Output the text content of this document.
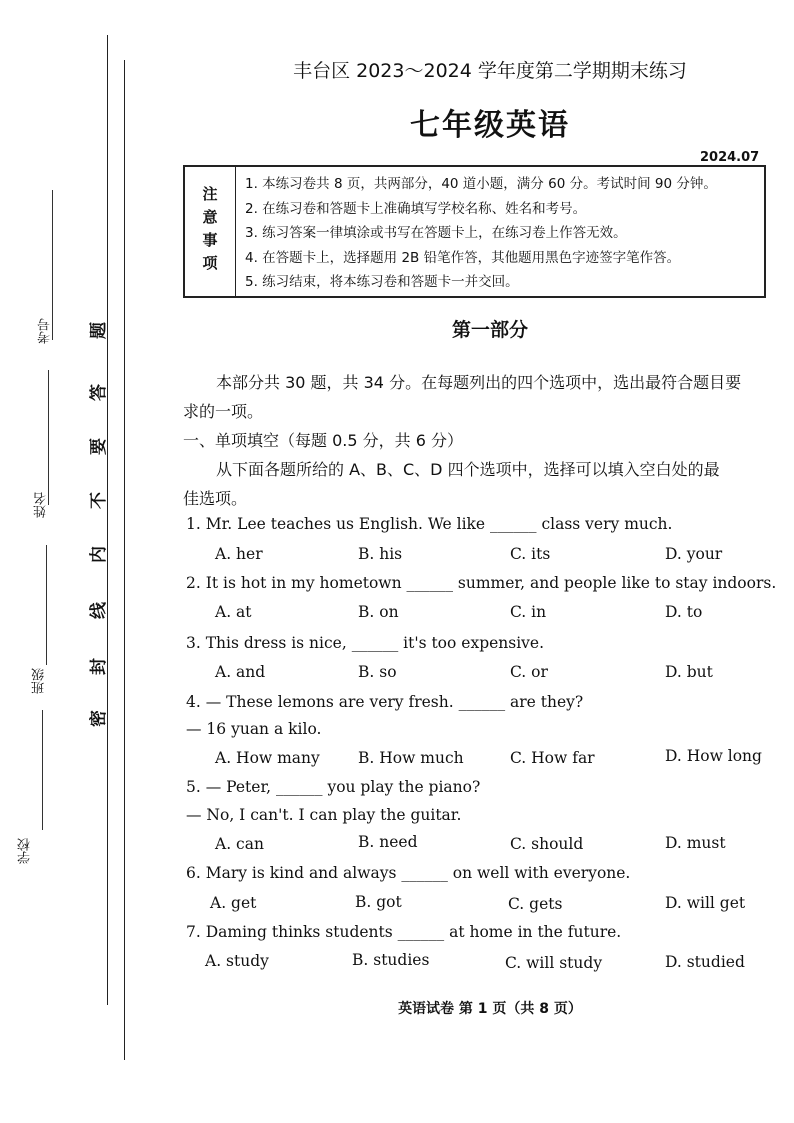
考号
姓名
班级
学校
题
答
要
不
内
线
封
密
丰台区 2023～2024 学年度第二学期期末练习
七年级英语
2024.07
注意事项
1. 本练习卷共 8 页，共两部分，40 道小题，满分 60 分。考试时间 90 分钟。
2. 在练习卷和答题卡上准确填写学校名称、姓名和考号。
3. 练习答案一律填涂或书写在答题卡上，在练习卷上作答无效。
4. 在答题卡上，选择题用 2B 铅笔作答，其他题用黑色字迹签字笔作答。
5. 练习结束，将本练习卷和答题卡一并交回。
第一部分
本部分共 30 题，共 34 分。在每题列出的四个选项中，选出最符合题目要
求的一项。
一、单项填空（每题 0.5 分，共 6 分）
从下面各题所给的 A、B、C、D 四个选项中，选择可以填入空白处的最
佳选项。
1. Mr. Lee teaches us English. We like ______ class very much.
A. her	B. his	C. its	D. your
2. It is hot in my hometown ______ summer, and people like to stay indoors.
A. at	B. on	C. in	D. to
3. This dress is nice, ______ it's too expensive.
A. and	B. so	C. or	D. but
4. — These lemons are very fresh. ______ are they?
— 16 yuan a kilo.
A. How many B. How much	C. How far	D. How long
5. — Peter, ______ you play the piano?
— No, I can't. I can play the guitar.
A. can	B. need	C. should	D. must
6. Mary is kind and always ______ on well with everyone.
A. get	B. got	C. gets	D. will get
7. Daming thinks students ______ at home in the future.
A. study	B. studies	C. will study	D. studied
英语试卷 第 1 页（共 8 页）
